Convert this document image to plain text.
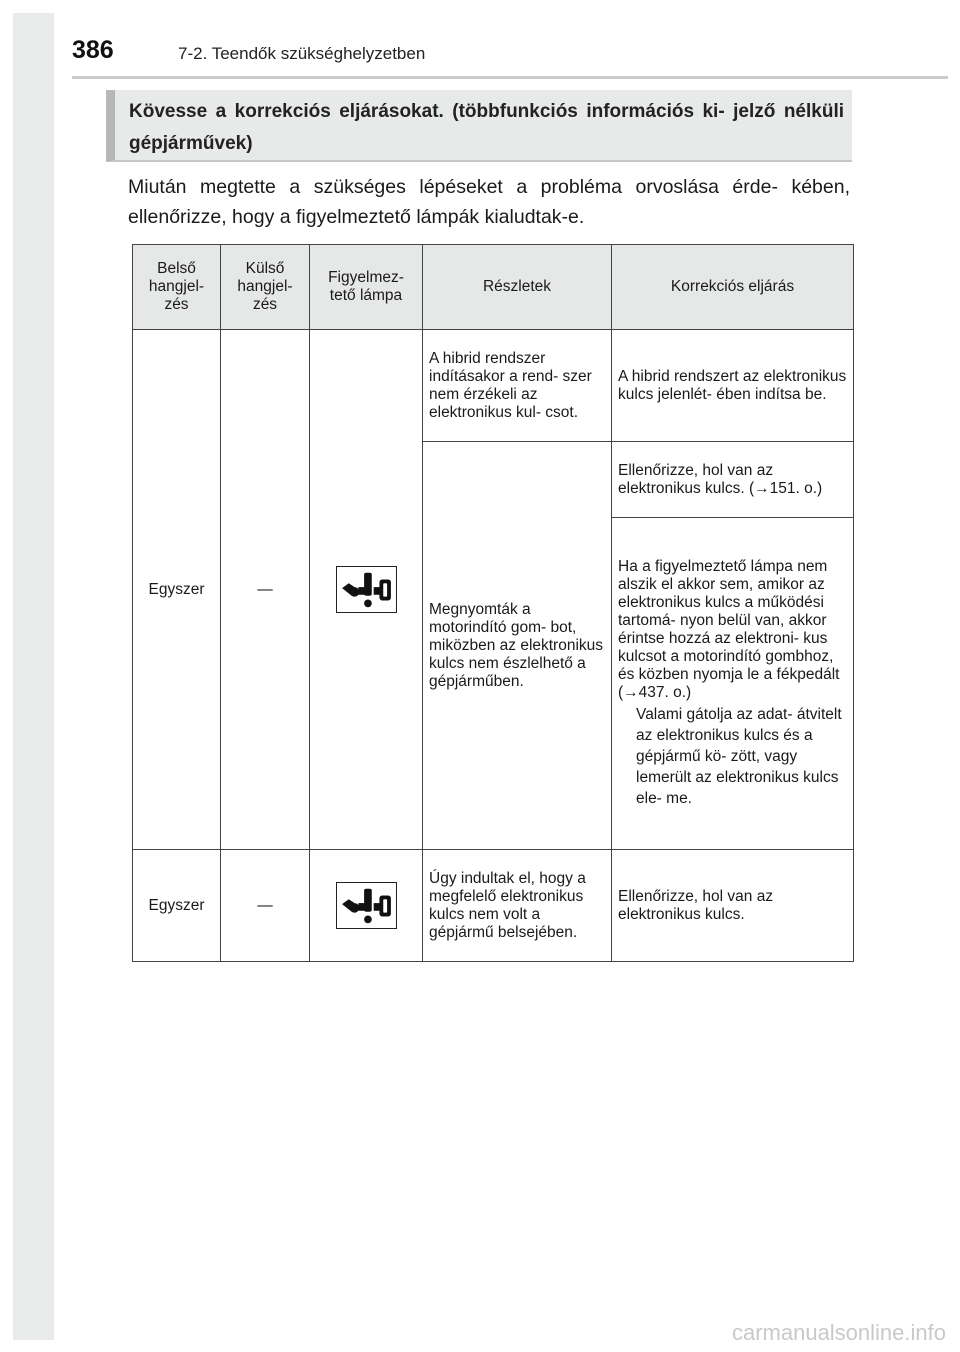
386	7-2. Teendők szükséghelyzetben
Kövesse a korrekciós eljárásokat. (többfunkciós információs ki- jelző nélküli gépjárművek)
Miután megtette a szükséges lépéseket a probléma orvoslása érde- kében, ellenőrizze, hogy a figyelmeztető lámpák kialudtak-e.
Belső hangjel- zés	Külső hangjel- zés	Figyelmez- tető lámpa	Részletek	Korrekciós eljárás
Egyszer	—		A hibrid rendszer indításakor a rend- szer nem érzékeli az elektronikus kul- csot.	A hibrid rendszert az elektronikus kulcs jelenlét- ében indítsa be.
			Megnyomták a motorindító gom- bot, miközben az elektronikus kulcs nem észlelhető a gépjárműben.	Ellenőrizze, hol van az elektronikus kulcs. (→151. o.)
				Ha a figyelmeztető lámpa nem alszik el akkor sem, amikor az elektronikus kulcs a működési tartomá- nyon belül van, akkor érintse hozzá az elektroni- kus kulcsot a motorindító gombhoz, és közben nyomja le a fékpedált (→437. o.)
Valami gátolja az adat- átvitelt az elektronikus kulcs és a gépjármű kö- zött, vagy lemerült az elektronikus kulcs ele- me.

Egyszer	—		Úgy indultak el, hogy a megfelelő elektronikus kulcs nem volt a gépjármű belsejében.	Ellenőrizze, hol van az elektronikus kulcs.
carmanualsonline.info
